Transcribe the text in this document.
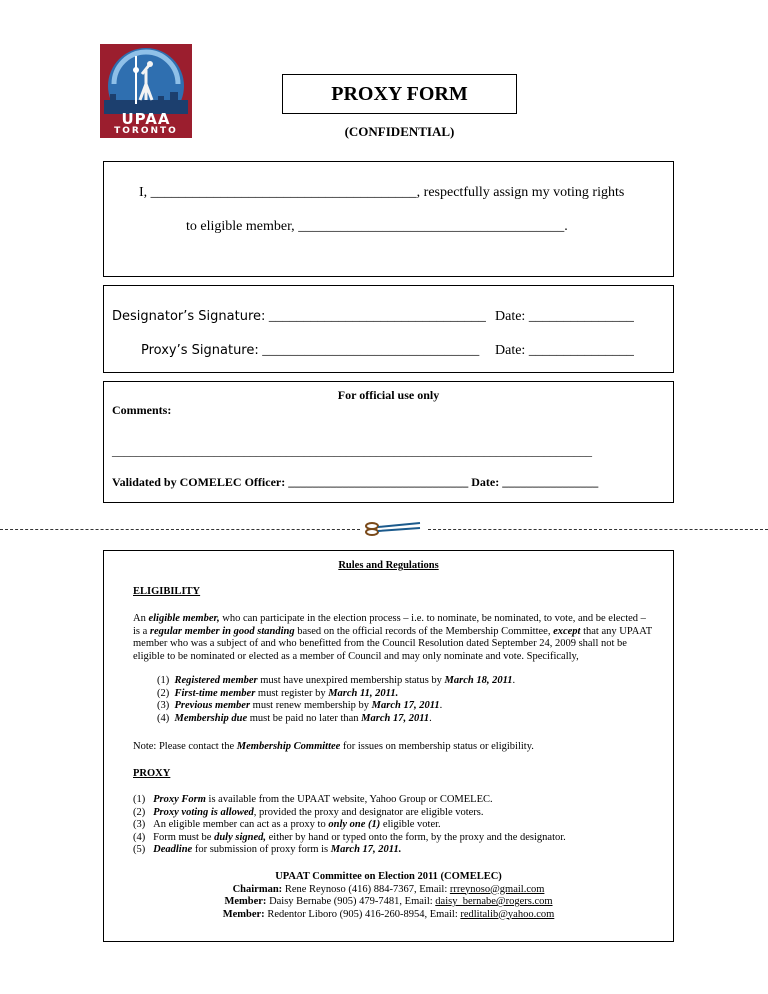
UPAA
TORONTO
PROXY FORM
(CONFIDENTIAL)
I, ______________________________________, respectfully assign my voting rights
to eligible member, ______________________________________.
Designator’s Signature: _______________________________ Date: _______________
Proxy’s Signature: _______________________________ Date: _______________
For official use only
Comments:
________________________________________________________________________________
Validated by COMELEC Officer: ______________________________ Date: ________________
Rules and Regulations
ELIGIBILITY
An eligible member, who can participate in the election process – i.e. to nominate, be nominated, to vote, and be elected – is a regular member in good standing based on the official records of the Membership Committee, except that any UPAAT member who was a subject of and who benefitted from the Council Resolution dated September 24, 2009 shall not be eligible to be nominated or elected as a member of Council and may only nominate and vote. Specifically,
(1) Registered member must have unexpired membership status by March 18, 2011.
(2) First-time member must register by March 11, 2011.
(3) Previous member must renew membership by March 17, 2011.
(4) Membership due must be paid no later than March 17, 2011.
Note: Please contact the Membership Committee for issues on membership status or eligibility.
PROXY
(1) Proxy Form is available from the UPAAT website, Yahoo Group or COMELEC.
(2) Proxy voting is allowed, provided the proxy and designator are eligible voters.
(3) An eligible member can act as a proxy to only one (1) eligible voter.
(4) Form must be duly signed, either by hand or typed onto the form, by the proxy and the designator.
(5) Deadline for submission of proxy form is March 17, 2011.
UPAAT Committee on Election 2011 (COMELEC)
Chairman: Rene Reynoso (416) 884-7367, Email: rrreynoso@gmail.com
Member: Daisy Bernabe (905) 479-7481, Email: daisy_bernabe@rogers.com
Member: Redentor Liboro (905) 416-260-8954, Email: redlitalib@yahoo.com
